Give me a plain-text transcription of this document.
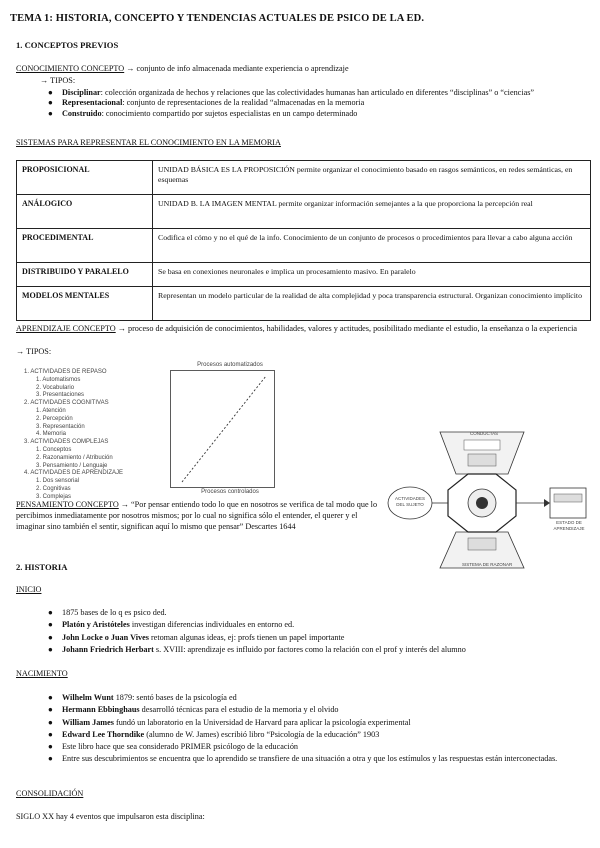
TEMA 1: HISTORIA, CONCEPTO Y TENDENCIAS ACTUALES DE PSICO DE LA ED.
1. CONCEPTOS PREVIOS
CONOCIMIENTO CONCEPTO → conjunto de info almacenada mediante experiencia o aprendizaje
→ TIPOS:
● Disciplinar: colección organizada de hechos y relaciones que las colectividades humanas han articulado en diferentes “disciplinas” o “ciencias”
● Representacional: conjunto de representaciones de la realidad “almacenadas en la memoria
● Construido: conocimiento compartido por sujetos especialistas en un campo determinado
SISTEMAS PARA REPRESENTAR EL CONOCIMIENTO EN LA MEMORIA
PROPOSICIONAL	UNIDAD BÁSICA ES LA PROPOSICIÓN permite organizar el conocimiento basado en rasgos semánticos, en redes semánticas, en esquemas
ANÁLOGICO	UNIDAD B. LA IMAGEN MENTAL permite organizar información semejantes a la que proporciona la percepción real
PROCEDIMENTAL	Codifica el cómo y no el qué de la info. Conocimiento de un conjunto de procesos o procedimientos para llevar a cabo alguna acción
DISTRIBUIDO Y PARALELO	Se basa en conexiones neuronales e implica un procesamiento masivo. En paralelo
MODELOS MENTALES	Representan un modelo particular de la realidad de alta complejidad y poca transparencia estructural. Organizan conocimiento implícito
APRENDIZAJE CONCEPTO → proceso de adquisición de conocimientos, habilidades, valores y actitudes, posibilitado mediante el estudio, la enseñanza o la experiencia
→ TIPOS:
1. ACTIVIDADES DE REPASO
1. Automatismos
2. Vocabulario
3. Presentaciones
2. ACTIVIDADES COGNITIVAS
1. Atención
2. Percepción
3. Representación
4. Memoria
3. ACTIVIDADES COMPLEJAS
1. Conceptos
2. Razonamiento / Atribución
3. Pensamiento / Lenguaje
4. ACTIVIDADES DE APRENDIZAJE
1. Dos sensorial
2. Cognitivas
3. Complejas
Procesos automatizados
Procesos controlados
PENSAMIENTO CONCEPTO → “Por pensar entiendo todo lo que en nosotros se verifica de tal modo que lo percibimos inmediatamente por nosotros mismos; por lo cual no significa sólo el entender, el querer y el imaginar sino también el sentir, significan aquí lo mismo que pensar” Descartes 1644
CONDUCTAS
ACTIVIDADES DEL SUJETO
ESTADO DE APRENDIZAJE
SISTEMA DE RAZONAR
2. HISTORIA
INICIO
● 1875 bases de lo q es psico ded.
● Platón y Aristóteles investigan diferencias individuales en entorno ed.
● John Locke o Juan Vives retoman algunas ideas, ej: profs tienen un papel importante
● Johann Friedrich Herbart s. XVIII: aprendizaje es influido por factores como la relación con el prof y interés del alumno
NACIMIENTO
● Wilhelm Wunt 1879: sentó bases de la psicología ed
● Hermann Ebbinghaus desarrolló técnicas para el estudio de la memoria y el olvido
● William James fundó un laboratorio en la Universidad de Harvard para aplicar la psicología experimental
● Edward Lee Thorndike (alumno de W. James) escribió libro “Psicología de la educación” 1903
● Este libro hace que sea considerado PRIMER psicólogo de la educación
● Entre sus descubrimientos se encuentra que lo aprendido se transfiere de una situación a otra y que los estímulos y las respuestas están interconectadas.
CONSOLIDACIÓN
SIGLO XX hay 4 eventos que impulsaron esta disciplina:
